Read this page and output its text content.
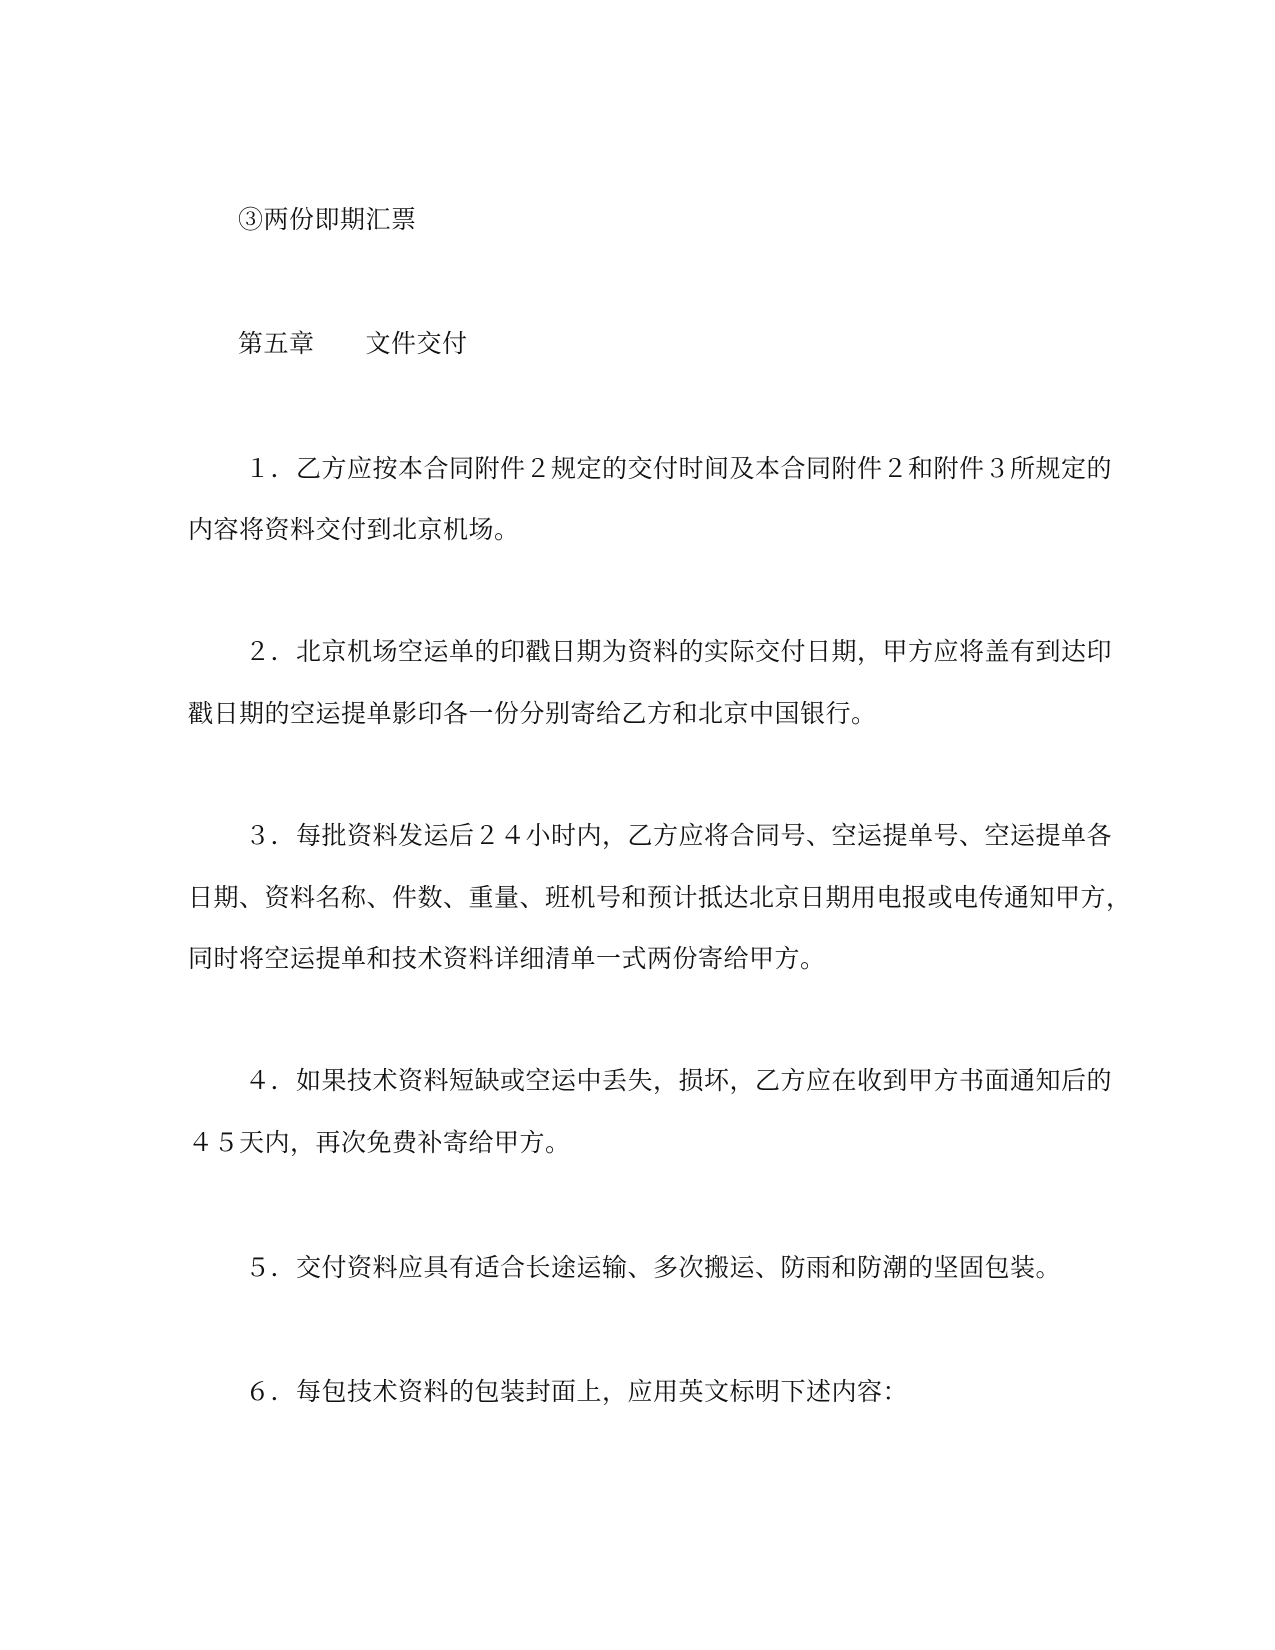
③两份即期汇票
第五章　　文件交付
１．乙方应按本合同附件２规定的交付时间及本合同附件２和附件３所规定的
内容将资料交付到北京机场。
２．北京机场空运单的印戳日期为资料的实际交付日期，甲方应将盖有到达印
戳日期的空运提单影印各一份分别寄给乙方和北京中国银行。
３．每批资料发运后２４小时内，乙方应将合同号、空运提单号、空运提单各
日期、资料名称、件数、重量、班机号和预计抵达北京日期用电报或电传通知甲方，
同时将空运提单和技术资料详细清单一式两份寄给甲方。
４．如果技术资料短缺或空运中丢失，损坏，乙方应在收到甲方书面通知后的
４５天内，再次免费补寄给甲方。
５．交付资料应具有适合长途运输、多次搬运、防雨和防潮的坚固包装。
６．每包技术资料的包装封面上，应用英文标明下述内容：
